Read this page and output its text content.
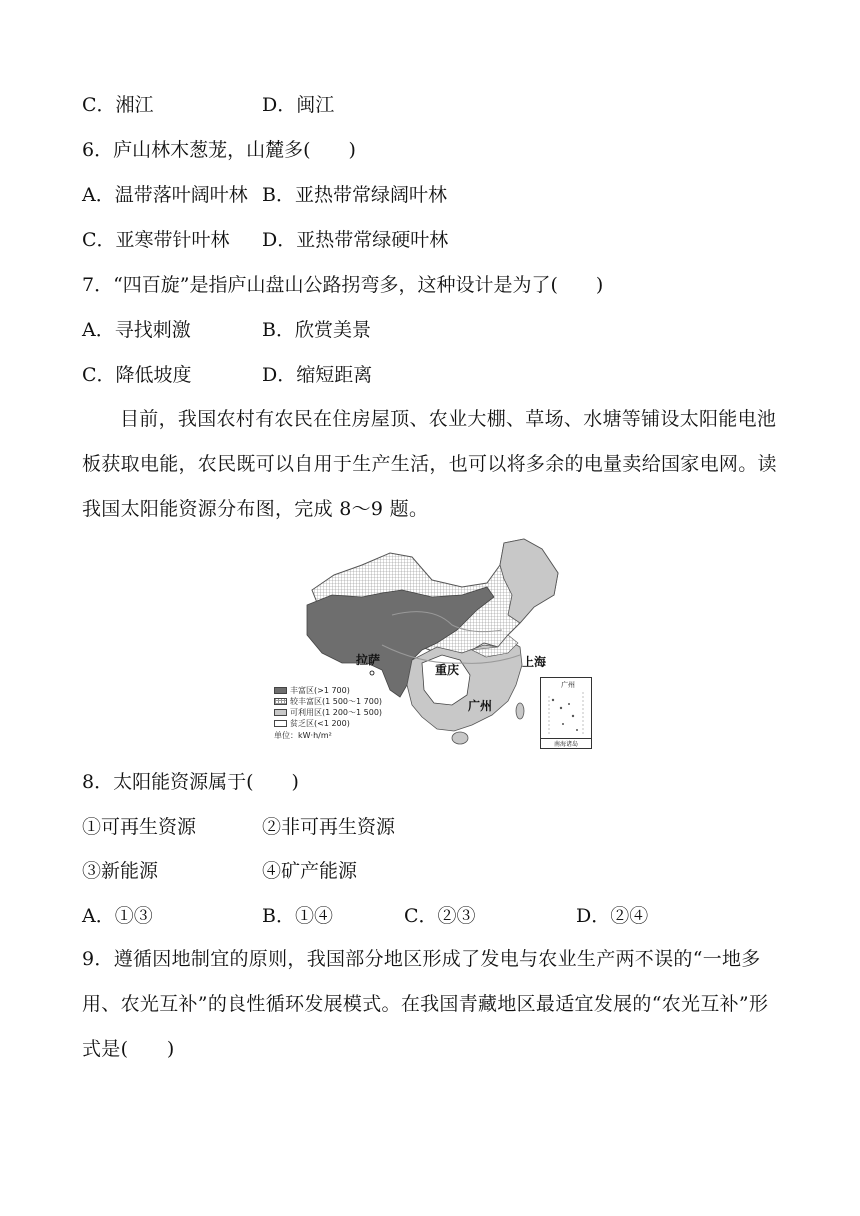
C．湘江	D．闽江
6．庐山林木葱茏，山麓多(　　)
A．温带落叶阔叶林 B．亚热带常绿阔叶林
C．亚寒带针叶林 D．亚热带常绿硬叶林
7．“四百旋”是指庐山盘山公路拐弯多，这种设计是为了(　　)
A．寻找刺激	B．欣赏美景
C．降低坡度	D．缩短距离
目前，我国农村有农民在住房屋顶、农业大棚、草场、水塘等铺设太阳能电池板获取电能，农民既可以自用于生产生活，也可以将多余的电量卖给国家电网。读我国太阳能资源分布图，完成 8～9 题。
拉萨
重庆
上海
广州
丰富区(>1 700)
较丰富区(1 500～1 700)
可利用区(1 200～1 500)
贫乏区(<1 200)
单位：kW·h/m²
广州
南海诸岛
8．太阳能资源属于(　　)
①可再生资源	②非可再生资源
③新能源	④矿产能源
A．①③	B．①④	C．②③	D．②④
9．遵循因地制宜的原则，我国部分地区形成了发电与农业生产两不误的“一地多用、农光互补”的良性循环发展模式。在我国青藏地区最适宜发展的“农光互补”形式是(　　)
